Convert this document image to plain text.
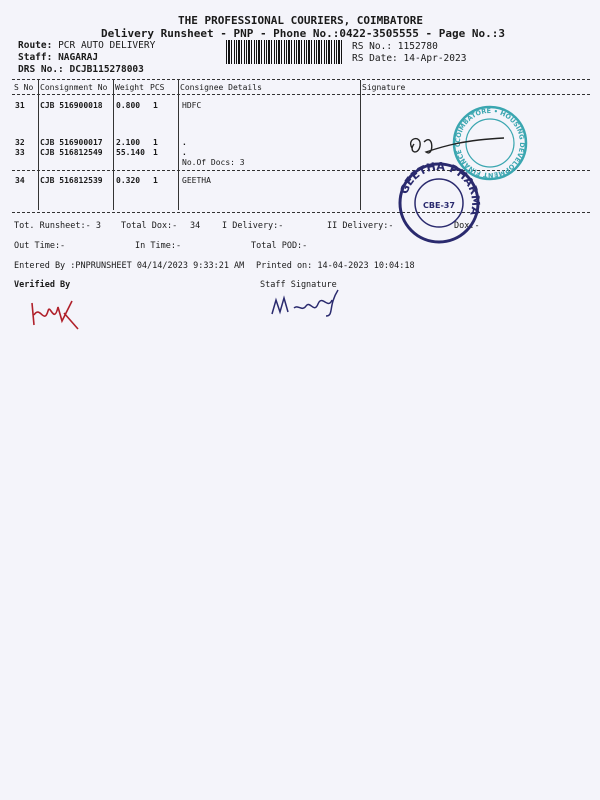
THE PROFESSIONAL COURIERS, COIMBATORE
Delivery Runsheet - PNP - Phone No.:0422-3505555 - Page No.:3
Route: PCR AUTO DELIVERY
Staff: NAGARAJ
DRS No.: DCJB115278003
RS No.: 1152780
RS Date: 14-Apr-2023
S No Consignment No Weight PCS Consignee Details	Signature
31 CJB 516900018 0.800 1	HDFC
32 CJB 516900017 2.100 1	.
33 CJB 516812549 55.140 1	.
No.Of Docs: 3
34 CJB 516812539 0.320 1	GEETHA
Tot. Runsheet:- 3 Total Dox:- 34	I Delivery:-	II Delivery:-	Dox:-
Out Time:-	In Time:-	Total POD:-
Entered By :PNPRUNSHEET 04/14/2023 9:33:21 AM Printed on: 14-04-2023 10:04:18
Verified By	Staff Signature
COIMBATORE • HOUSING DEVELOPMENT FINANCE CORPORATION LTD.
GEETHA PHARMA
CBE-37
